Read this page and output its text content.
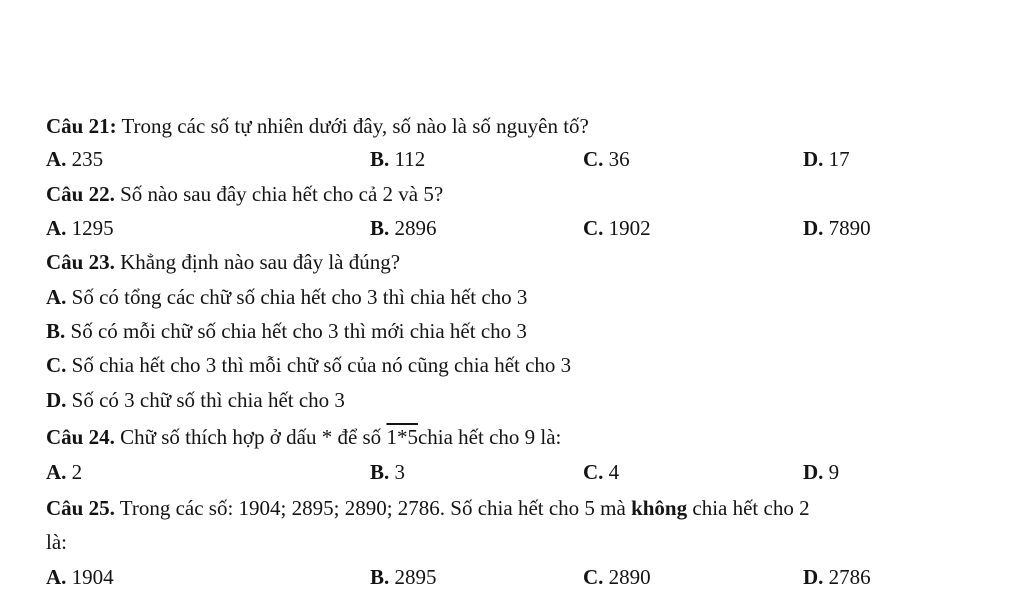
Câu 21: Trong các số tự nhiên dưới đây, số nào là số nguyên tố?
A. 235	B. 112	C. 36	D. 17
Câu 22. Số nào sau đây chia hết cho cả 2 và 5?
A. 1295	B. 2896	C. 1902	D. 7890
Câu 23. Khẳng định nào sau đây là đúng?
A. Số có tổng các chữ số chia hết cho 3 thì chia hết cho 3
B. Số có mỗi chữ số chia hết cho 3 thì mới chia hết cho 3
C. Số chia hết cho 3 thì mỗi chữ số của nó cũng chia hết cho 3
D. Số có 3 chữ số thì chia hết cho 3
Câu 24. Chữ số thích hợp ở dấu * để số 1*5chia hết cho 9 là:
A. 2	B. 3	C. 4	D. 9
Câu 25. Trong các số: 1904; 2895; 2890; 2786. Số chia hết cho 5 mà không chia hết cho 2
là:
A. 1904	B. 2895	C. 2890	D. 2786
